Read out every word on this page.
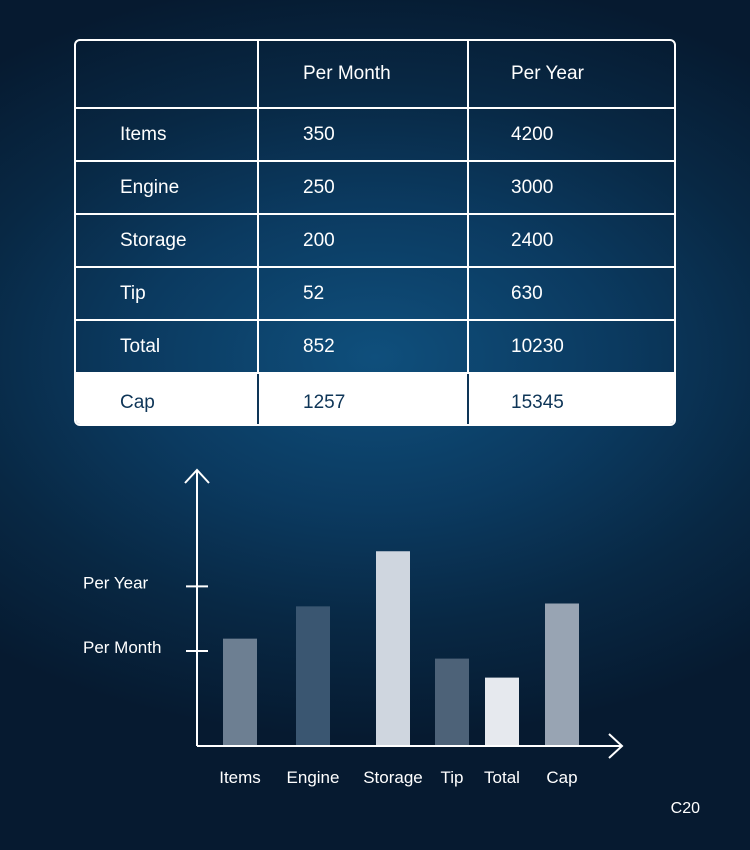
	Per Month	Per Year
Items	350	4200
Engine	250	3000
Storage	200	2400
Tip	52	630
Total	852	10230
Cap	1257	15345
Per Month
Per Year
Items Engine Storage Tip Total Cap
C20
